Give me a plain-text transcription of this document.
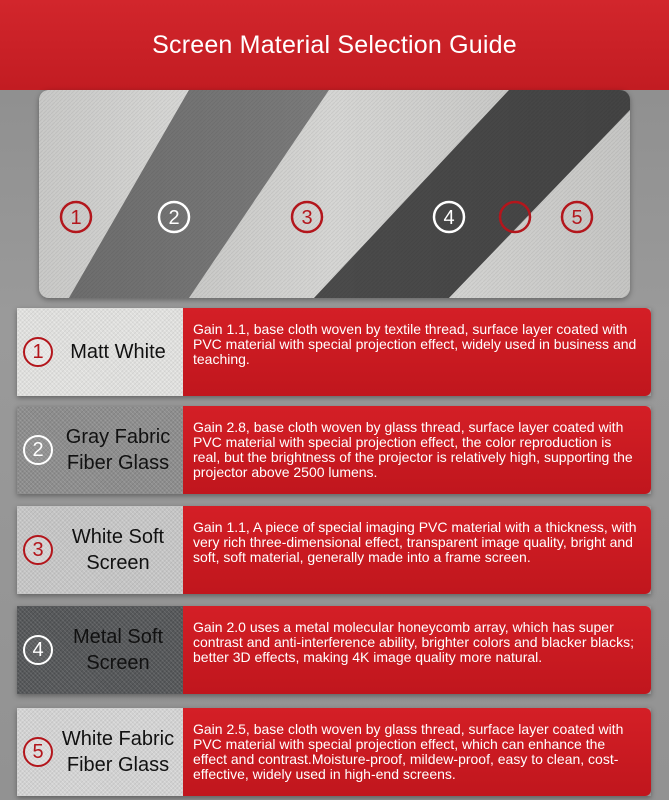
Screen Material Selection Guide
1	2	3	4	5
1	Matt White
Gain 1.1, base cloth woven by textile thread, surface layer coated with PVC material with special projection effect, widely used in business and teaching.
2
Gray Fabric Fiber Glass
Gain 2.8, base cloth woven by glass thread, surface layer coated with PVC material with special projection effect, the color reproduction is real, but the brightness of the projector is relatively high, supporting the projector above 2500 lumens.
3
White Soft Screen
Gain 1.1, A piece of special imaging PVC material with a thickness, with very rich three-dimensional effect, transparent image quality, bright and soft, soft material, generally made into a frame screen.
4
Metal Soft Screen
Gain 2.0 uses a metal molecular honeycomb array, which has super contrast and anti-interference ability, brighter colors and blacker blacks; better 3D effects, making 4K image quality more natural.
5
White Fabric Fiber Glass
Gain 2.5, base cloth woven by glass thread, surface layer coated with PVC material with special projection effect, which can enhance the effect and contrast.Moisture-proof, mildew-proof, easy to clean, cost-effective, widely used in high-end screens.
